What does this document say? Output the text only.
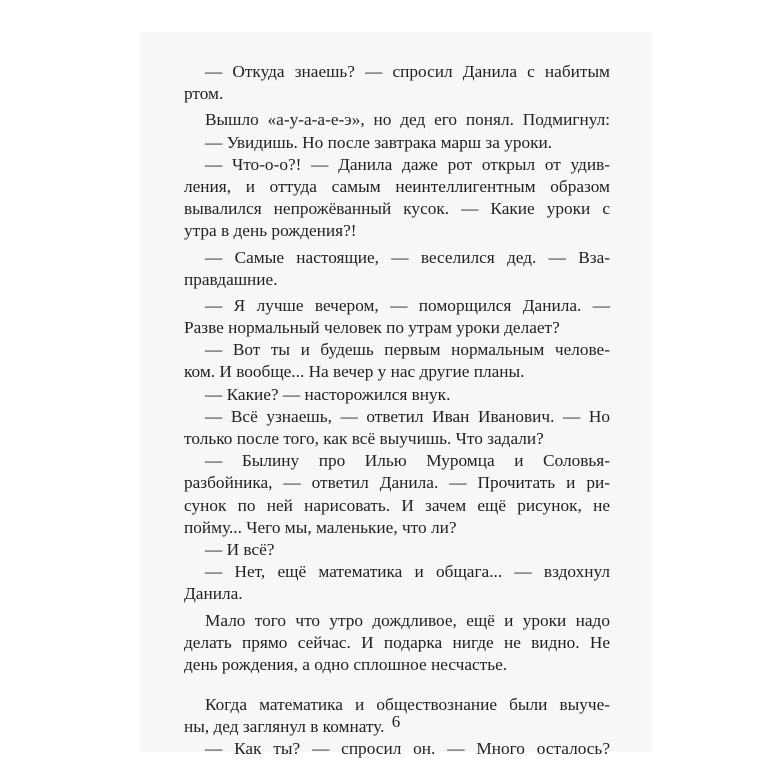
— Откуда знаешь? — спросил Данила с набитым
ртом.
Вышло «а-у-а-а-е-э», но дед его понял. Подмигнул:
— Увидишь. Но после завтрака марш за уроки.
— Что-о-о?! — Данила даже рот открыл от удив-
ления, и оттуда самым неинтеллигентным образом
вывалился непрожёванный кусок. — Какие уроки с
утра в день рождения?!
— Самые настоящие, — веселился дед. — Вза-
правдашние.
— Я лучше вечером, — поморщился Данила. —
Разве нормальный человек по утрам уроки делает?
— Вот ты и будешь первым нормальным челове-
ком. И вообще... На вечер у нас другие планы.
— Какие? — насторожился внук.
— Всё узнаешь, — ответил Иван Иванович. — Но
только после того, как всё выучишь. Что задали?
— Былину про Илью Муромца и Соловья-
разбойника, — ответил Данила. — Прочитать и ри-
сунок по ней нарисовать. И зачем ещё рисунок, не
пойму... Чего мы, маленькие, что ли?
— И всё?
— Нет, ещё математика и общага... — вздохнул
Данила.
Мало того что утро дождливое, ещё и уроки надо
делать прямо сейчас. И подарка нигде не видно. Не
день рождения, а одно сплошное несчастье.
Когда математика и обществознание были выучe-
ны, дед заглянул в комнату.
— Как ты? — спросил он. — Много осталось?
6
